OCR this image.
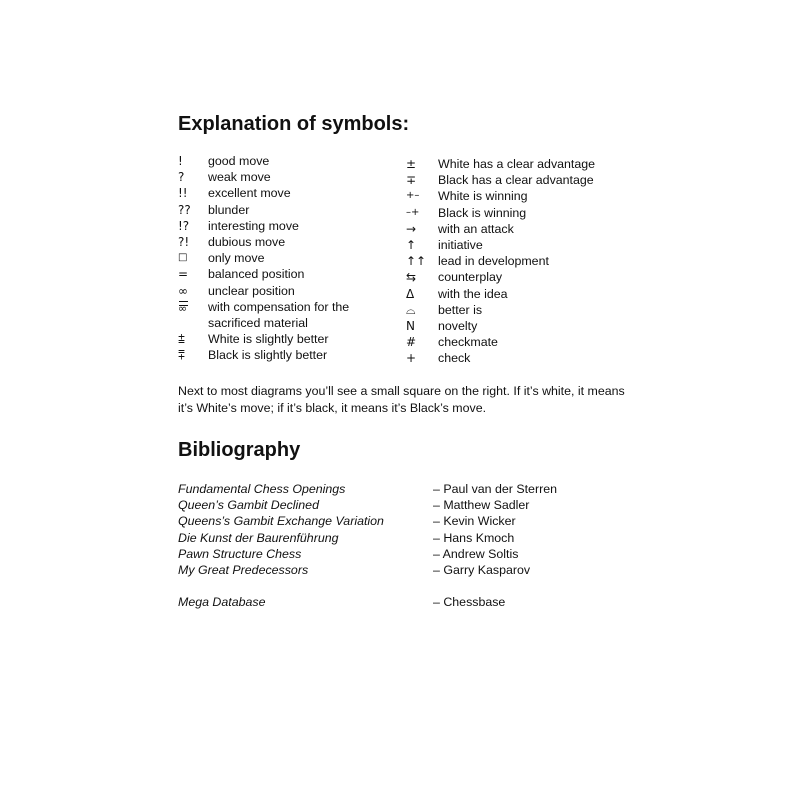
Explanation of symbols:
!	good move
?	weak move
!!	excellent move
??	blunder
!?	interesting move
?!	dubious move
□	only move
=	balanced position
∞	unclear position
∞ with compensation for the
sacrificed material
⩲	White is slightly better
⩱	Black is slightly better
±	White has a clear advantage
∓	Black has a clear advantage
+–	White is winning
–+	Black is winning
→	with an attack
↑	initiative
↑↑ lead in development
⇆	counterplay
Δ	with the idea
⌓	better is
N	novelty
#	checkmate
+	check

Next to most diagrams you’ll see a small square on the right. If it’s white, it means it’s White’s move; if it’s black, it means it’s Black’s move.

Bibliography
Fundamental Chess Openings	– Paul van der Sterren
Queen’s Gambit Declined	– Matthew Sadler
Queens’s Gambit Exchange Variation	– Kevin Wicker
Die Kunst der Baurenführung	– Hans Kmoch
Pawn Structure Chess	– Andrew Soltis
My Great Predecessors	– Garry Kasparov
Mega Database	– Chessbase
